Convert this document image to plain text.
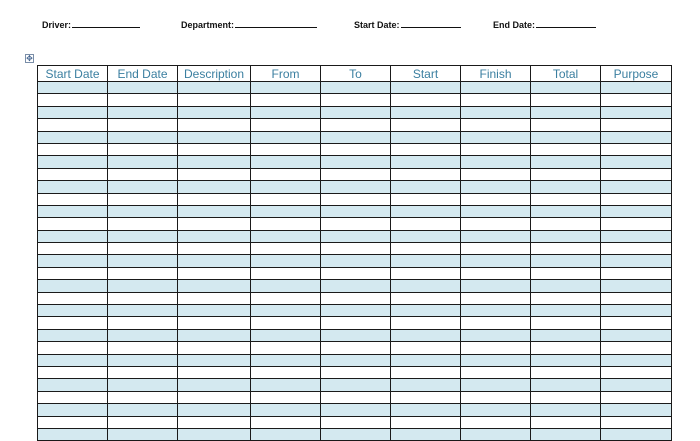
Driver:	Department:	Start Date:	End Date:
✥
Start Date	End Date	Description	From	To	Start	Finish	Total	Purpose
